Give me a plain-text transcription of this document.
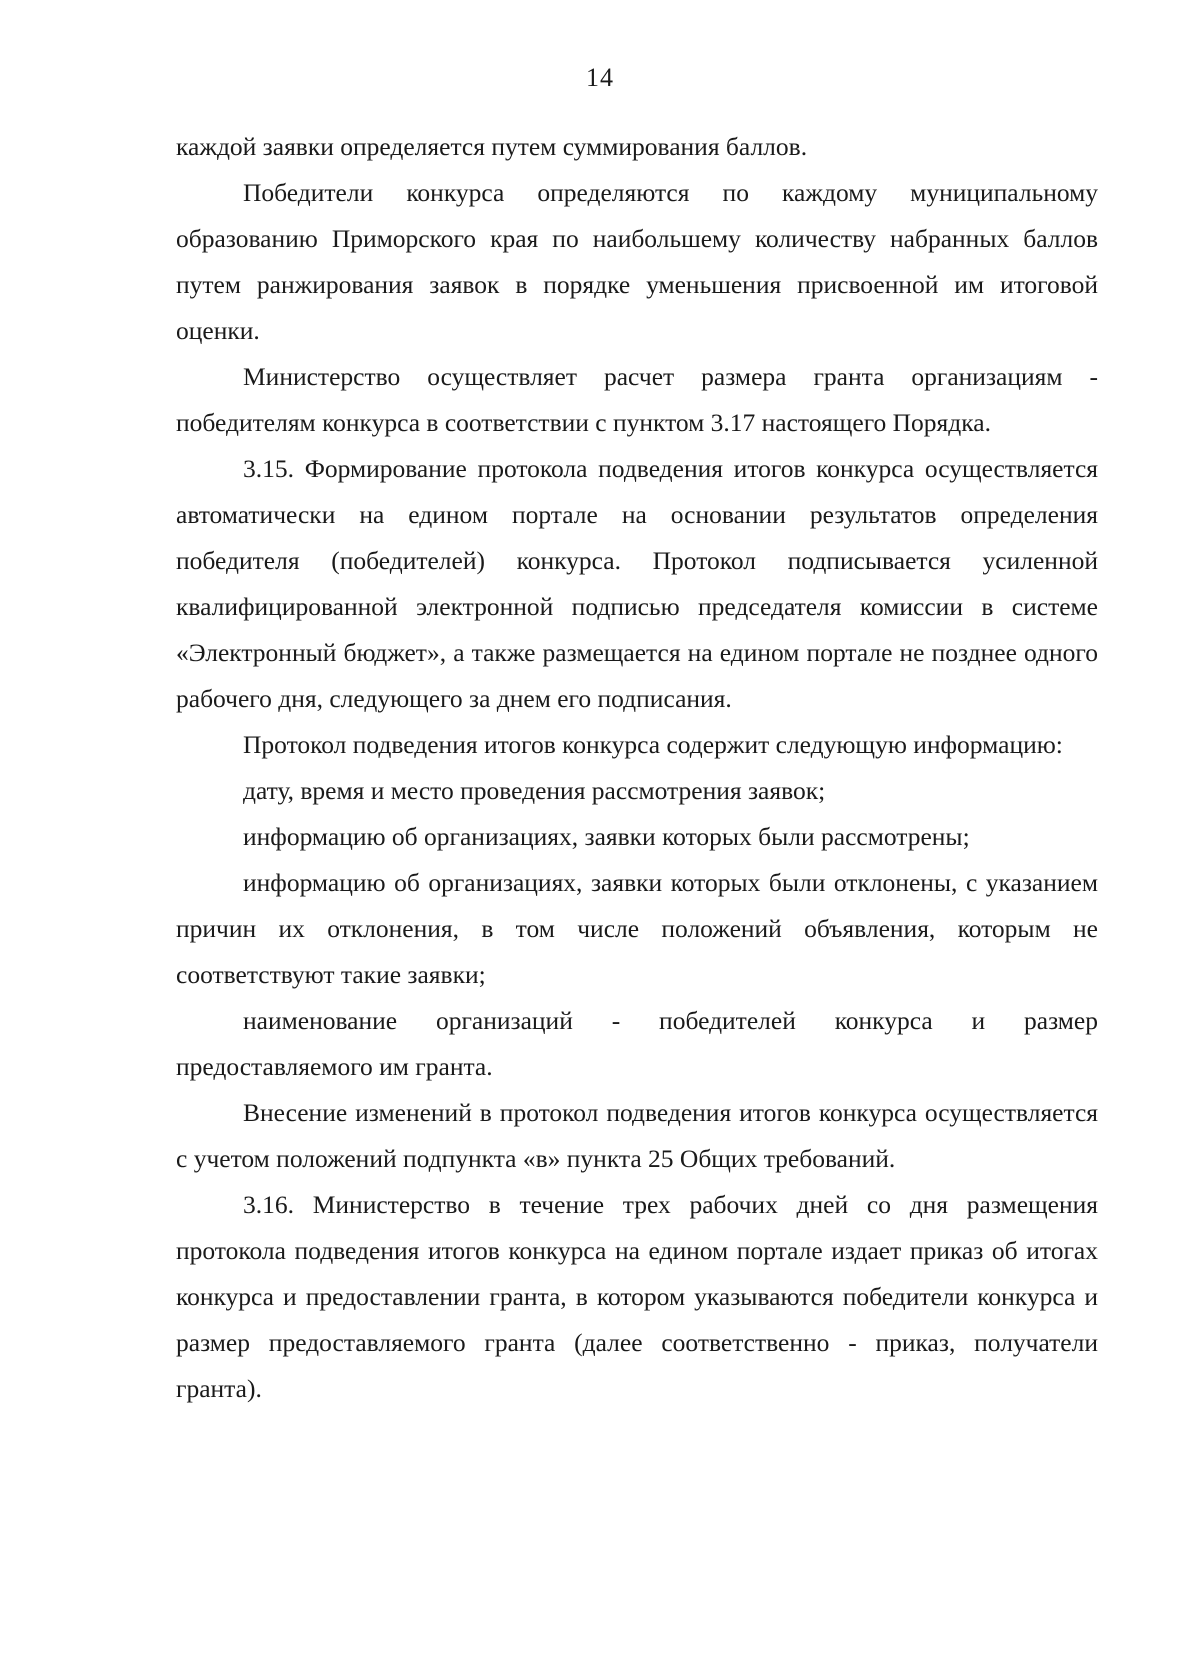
14

каждой заявки определяется путем суммирования баллов.

Победители конкурса определяются по каждому муниципальному образованию Приморского края по наибольшему количеству набранных баллов путем ранжирования заявок в порядке уменьшения присвоенной им итоговой оценки.

Министерство осуществляет расчет размера гранта организациям - победителям конкурса в соответствии с пунктом 3.17 настоящего Порядка.

3.15. Формирование протокола подведения итогов конкурса осуществляется автоматически на едином портале на основании результатов определения победителя (победителей) конкурса. Протокол подписывается усиленной квалифицированной электронной подписью председателя комиссии в системе «Электронный бюджет», а также размещается на едином портале не позднее одного рабочего дня, следующего за днем его подписания.

Протокол подведения итогов конкурса содержит следующую информацию:

дату, время и место проведения рассмотрения заявок;

информацию об организациях, заявки которых были рассмотрены;

информацию об организациях, заявки которых были отклонены, с указанием причин их отклонения, в том числе положений объявления, которым не соответствуют такие заявки;

наименование организаций - победителей конкурса и размер предоставляемого им гранта.

Внесение изменений в протокол подведения итогов конкурса осуществляется с учетом положений подпункта «в» пункта 25 Общих требований.

3.16. Министерство в течение трех рабочих дней со дня размещения протокола подведения итогов конкурса на едином портале издает приказ об итогах конкурса и предоставлении гранта, в котором указываются победители конкурса и размер предоставляемого гранта (далее соответственно - приказ, получатели гранта).
